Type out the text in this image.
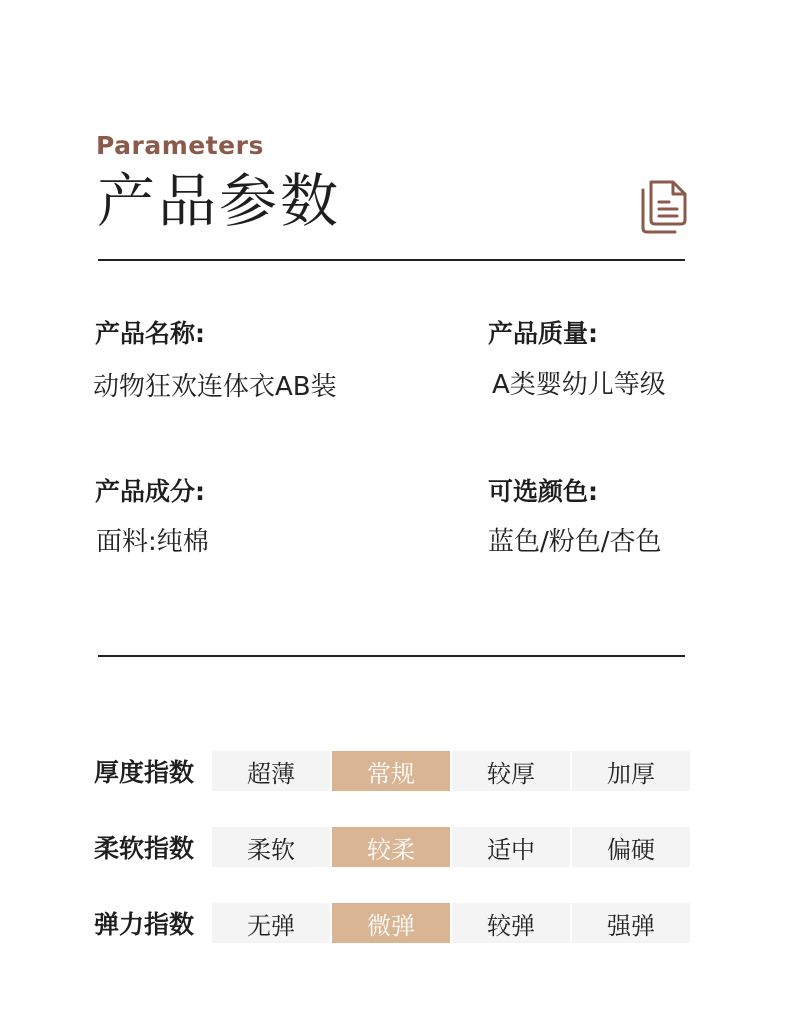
Parameters
产品参数
产品名称:
动物狂欢连体衣AB装
产品质量:
A类婴幼儿等级
产品成分:
面料:纯棉
可选颜色:
蓝色/粉色/杏色
厚度指数	超薄	常规	较厚	加厚
柔软指数	柔软	较柔	适中	偏硬
弹力指数	无弹	微弹	较弹	强弹
